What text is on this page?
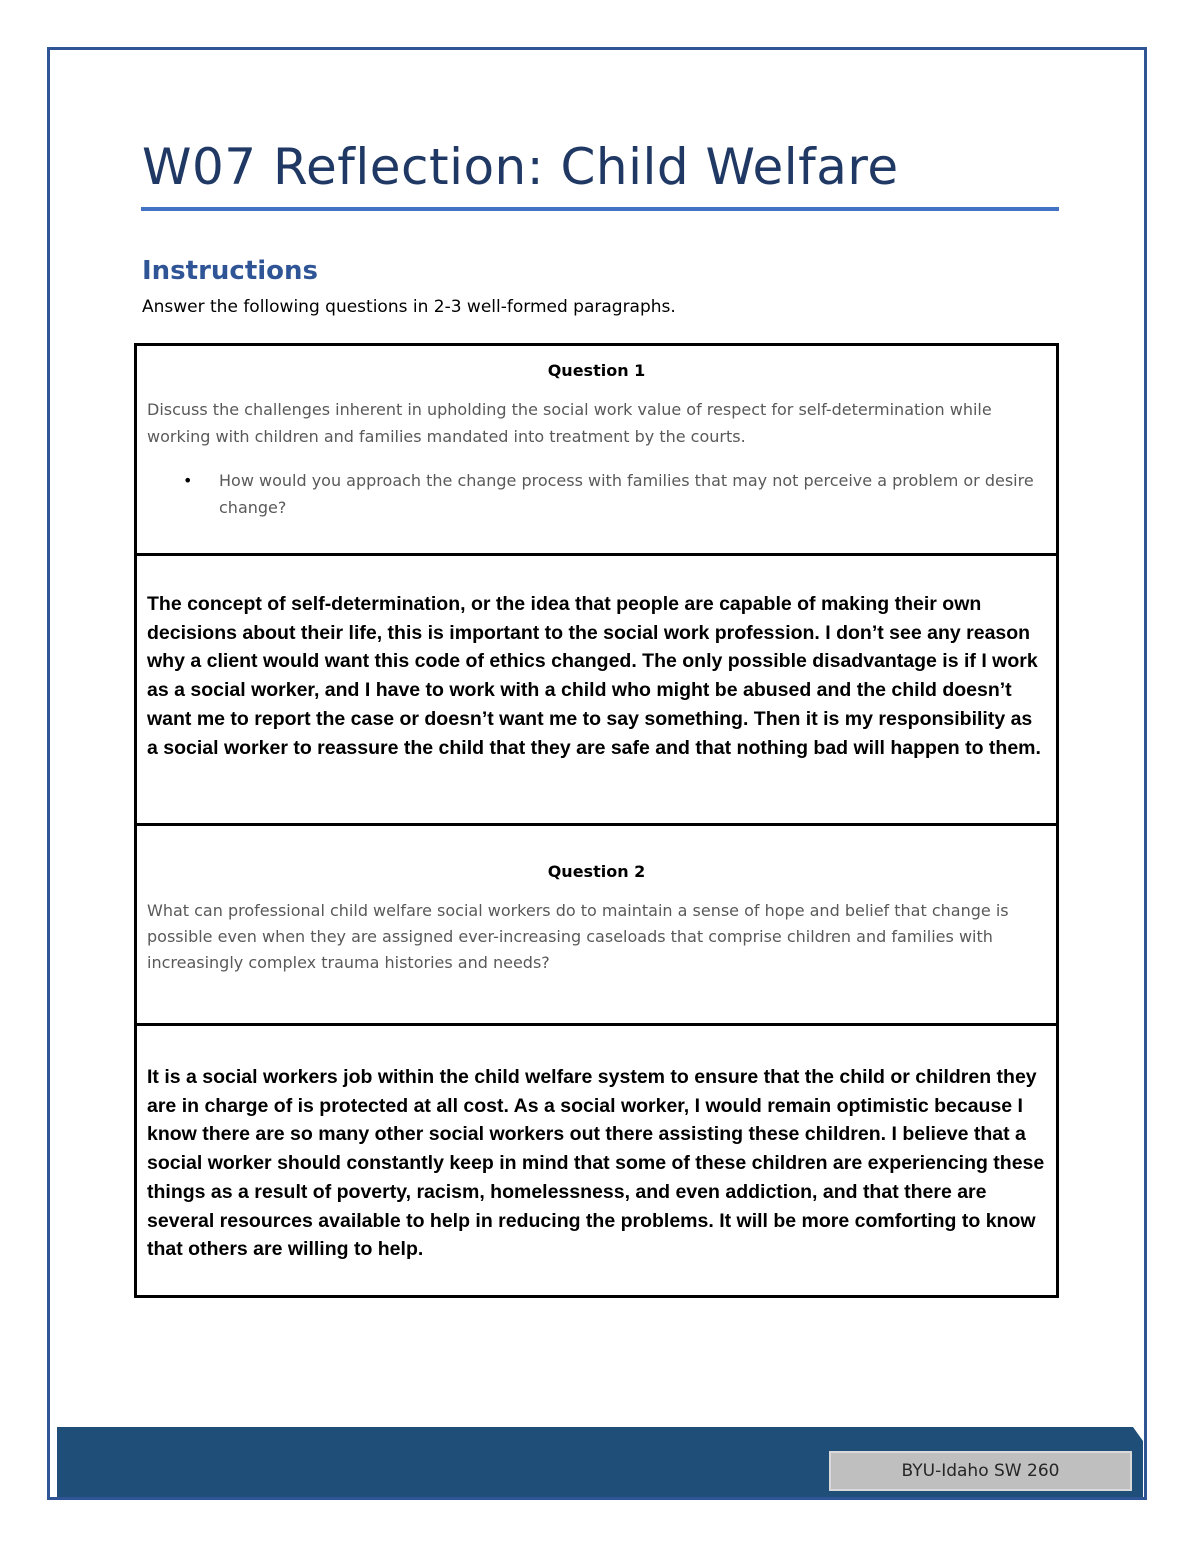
W07 Reflection: Child Welfare
Instructions
Answer the following questions in 2-3 well-formed paragraphs.
Question 1
Discuss the challenges inherent in upholding the social work value of respect for self-determination while working with children and families mandated into treatment by the courts.
•	How would you approach the change process with families that may not perceive a problem or desire change?
The concept of self-determination, or the idea that people are capable of making their own decisions about their life, this is important to the social work profession. I don’t see any reason why a client would want this code of ethics changed. The only possible disadvantage is if I work as a social worker, and I have to work with a child who might be abused and the child doesn’t want me to report the case or doesn’t want me to say something. Then it is my responsibility as a social worker to reassure the child that they are safe and that nothing bad will happen to them.
Question 2
What can professional child welfare social workers do to maintain a sense of hope and belief that change is possible even when they are assigned ever-increasing caseloads that comprise children and families with increasingly complex trauma histories and needs?
It is a social workers job within the child welfare system to ensure that the child or children they are in charge of is protected at all cost. As a social worker, I would remain optimistic because I know there are so many other social workers out there assisting these children. I believe that a social worker should constantly keep in mind that some of these children are experiencing these things as a result of poverty, racism, homelessness, and even addiction, and that there are several resources available to help in reducing the problems. It will be more comforting to know that others are willing to help.
BYU-Idaho SW 260
